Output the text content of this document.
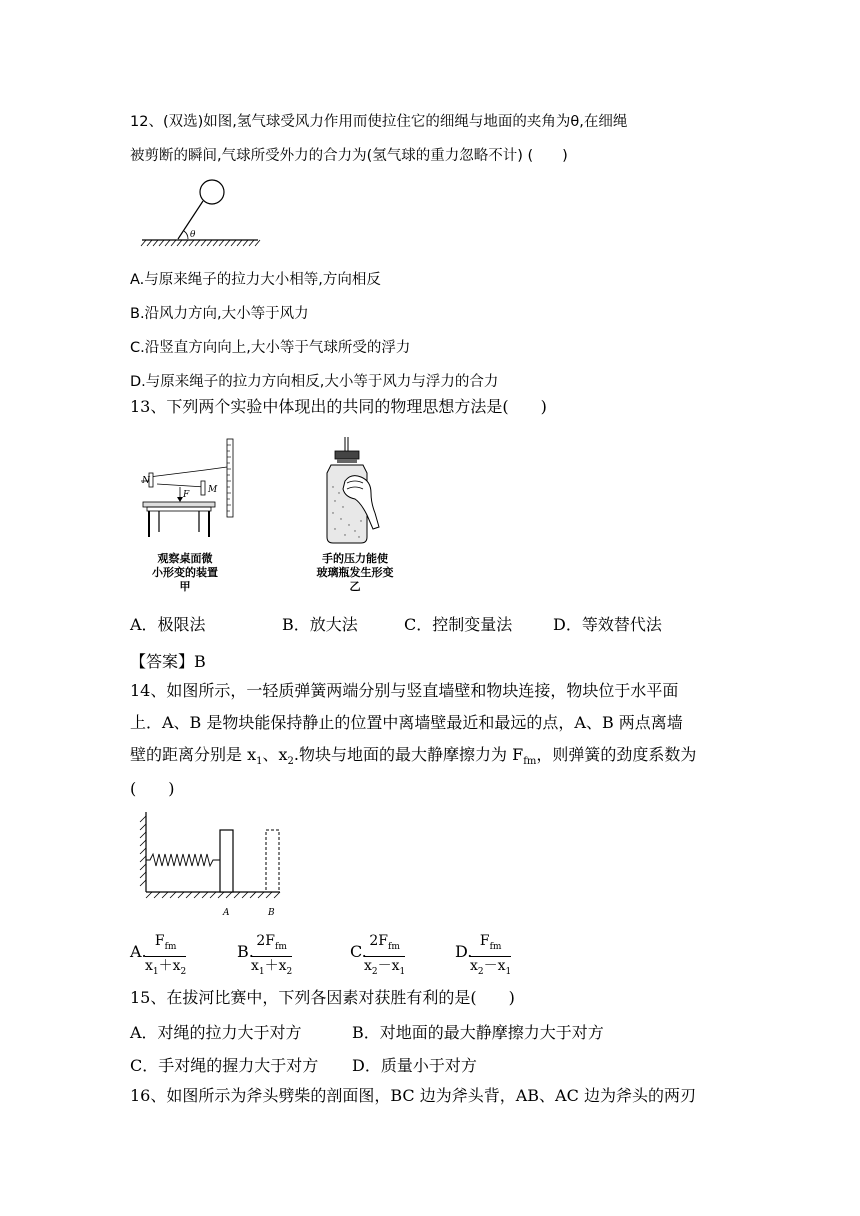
12、(双选)如图,氢气球受风力作用而使拉住它的细绳与地面的夹角为θ,在细绳
被剪断的瞬间,气球所受外力的合力为(氢气球的重力忽略不计) (　　)
θ
A.与原来绳子的拉力大小相等,方向相反
B.沿风力方向,大小等于风力
C.沿竖直方向向上,大小等于气球所受的浮力
D.与原来绳子的拉力方向相反,大小等于风力与浮力的合力
13、下列两个实验中体现出的共同的物理思想方法是(　　)
N
M
F
观察桌面微
小形变的装置
甲
手的压力能使
玻璃瓶发生形变
乙
A．极限法	B．放大法	C．控制变量法	D．等效替代法
【答案】B
14、如图所示，一轻质弹簧两端分别与竖直墙壁和物块连接，物块位于水平面
上．A、B 是物块能保持静止的位置中离墙壁最近和最远的点，A、B 两点离墙
壁的距离分别是 $x_1$、$x_2$.物块与地面的最大静摩擦力为 $F_{fm}$，则弹簧的劲度系数为
(　　)
A	B
A.
$F_{fm}$
$x_1+x_2$
B.
$2F_{fm}$
$x_1+x_2$
C.
$2F_{fm}$
$x_2-x_1$
D.
$F_{fm}$
$x_2-x_1$
15、在拔河比赛中，下列各因素对获胜有利的是(　　)
A．对绳的拉力大于对方	B．对地面的最大静摩擦力大于对方
C．手对绳的握力大于对方 D．质量小于对方
16、如图所示为斧头劈柴的剖面图，BC 边为斧头背，AB、AC 边为斧头的两刃
